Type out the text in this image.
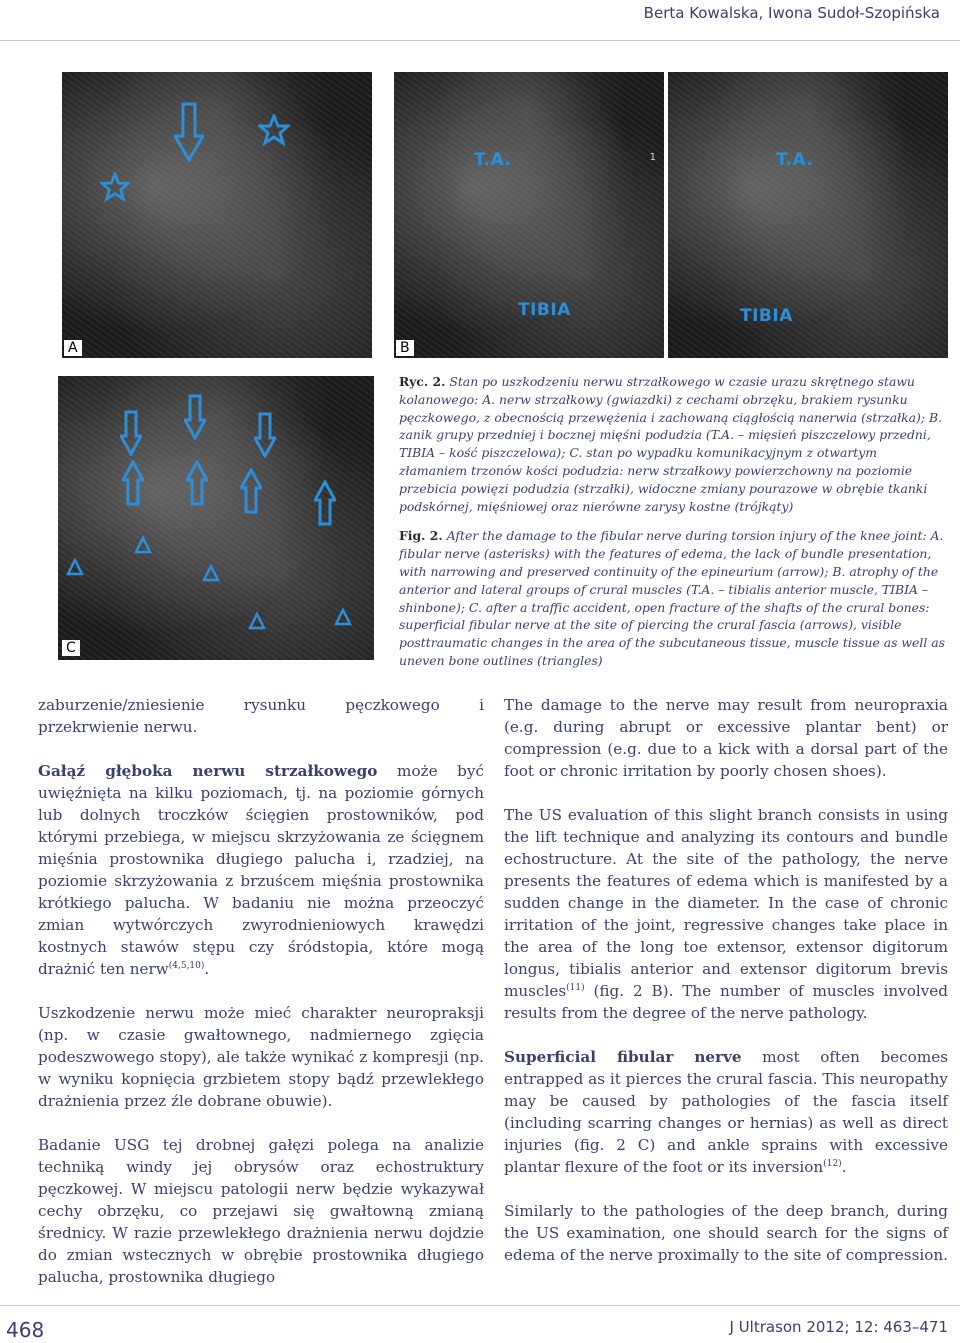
Berta Kowalska, Iwona Sudoł-Szopińska
A
T.A.
TIBIA
1	T.A.
TIBIA
B
C

Ryc. 2. Stan po uszkodzeniu nerwu strzałkowego w czasie urazu skrętnego stawu kolanowego: A. nerw strzałkowy (gwiazdki) z cechami obrzęku, brakiem rysunku pęczkowego, z obecnością przewężenia i zachowaną ciągłością nanerwia (strzałka); B. zanik grupy przedniej i bocznej mięśni podudzia (T.A. – mięsień piszczelowy przedni, TIBIA – kość piszczelowa); C. stan po wypadku komunikacyjnym z otwartym złamaniem trzonów kości podudzia: nerw strzałkowy powierzchowny na poziomie przebicia powięzi podudzia (strzałki), widoczne zmiany pourazowe w obrębie tkanki podskórnej, mięśniowej oraz nierówne zarysy kostne (trójkąty)

Fig. 2. After the damage to the fibular nerve during torsion injury of the knee joint: A. fibular nerve (asterisks) with the features of edema, the lack of bundle presentation, with narrowing and preserved continuity of the epineurium (arrow); B. atrophy of the anterior and lateral groups of crural muscles (T.A. – tibialis anterior muscle, TIBIA – shinbone); C. after a traffic accident, open fracture of the shafts of the crural bones: superficial fibular nerve at the site of piercing the crural fascia (arrows), visible posttraumatic changes in the area of the subcutaneous tissue, muscle tissue as well as uneven bone outlines (triangles)

zaburzenie/zniesienie rysunku pęczkowego i przekrwienie nerwu.

Gałąź głęboka nerwu strzałkowego może być uwięźnięta na kilku poziomach, tj. na poziomie górnych lub dolnych troczków ścięgien prostowników, pod którymi przebiega, w miejscu skrzyżowania ze ścięgnem mięśnia prostownika długiego palucha i, rzadziej, na poziomie skrzyżowania z brzuścem mięśnia prostownika krótkiego palucha. W badaniu nie można przeoczyć zmian wytwórczych zwyrodnieniowych krawędzi kostnych stawów stępu czy śródstopia, które mogą drażnić ten nerw$^{(4,5,10)}$.

Uszkodzenie nerwu może mieć charakter neuropraksji (np. w czasie gwałtownego, nadmiernego zgięcia podeszwowego stopy), ale także wynikać z kompresji (np. w wyniku kopnięcia grzbietem stopy bądź przewlekłego drażnienia przez źle dobrane obuwie).

Badanie USG tej drobnej gałęzi polega na analizie techniką windy jej obrysów oraz echostruktury pęczkowej. W miejscu patologii nerw będzie wykazywał cechy obrzęku, co przejawi się gwałtowną zmianą średnicy. W razie przewlekłego drażnienia nerwu dojdzie do zmian wstecznych w obrębie prostownika długiego palucha, prostownika długiego

The damage to the nerve may result from neuropraxia (e.g. during abrupt or excessive plantar bent) or compression (e.g. due to a kick with a dorsal part of the foot or chronic irritation by poorly chosen shoes).

The US evaluation of this slight branch consists in using the lift technique and analyzing its contours and bundle echostructure. At the site of the pathology, the nerve presents the features of edema which is manifested by a sudden change in the diameter. In the case of chronic irritation of the joint, regressive changes take place in the area of the long toe extensor, extensor digitorum longus, tibialis anterior and extensor digitorum brevis muscles$^{(11)}$ (fig. 2 B). The number of muscles involved results from the degree of the nerve pathology.

Superficial fibular nerve most often becomes entrapped as it pierces the crural fascia. This neuropathy may be caused by pathologies of the fascia itself (including scarring changes or hernias) as well as direct injuries (fig. 2 C) and ankle sprains with excessive plantar flexure of the foot or its inversion$^{(12)}$.

Similarly to the pathologies of the deep branch, during the US examination, one should search for the signs of edema of the nerve proximally to the site of compression.

468	J Ultrason 2012; 12: 463–471
